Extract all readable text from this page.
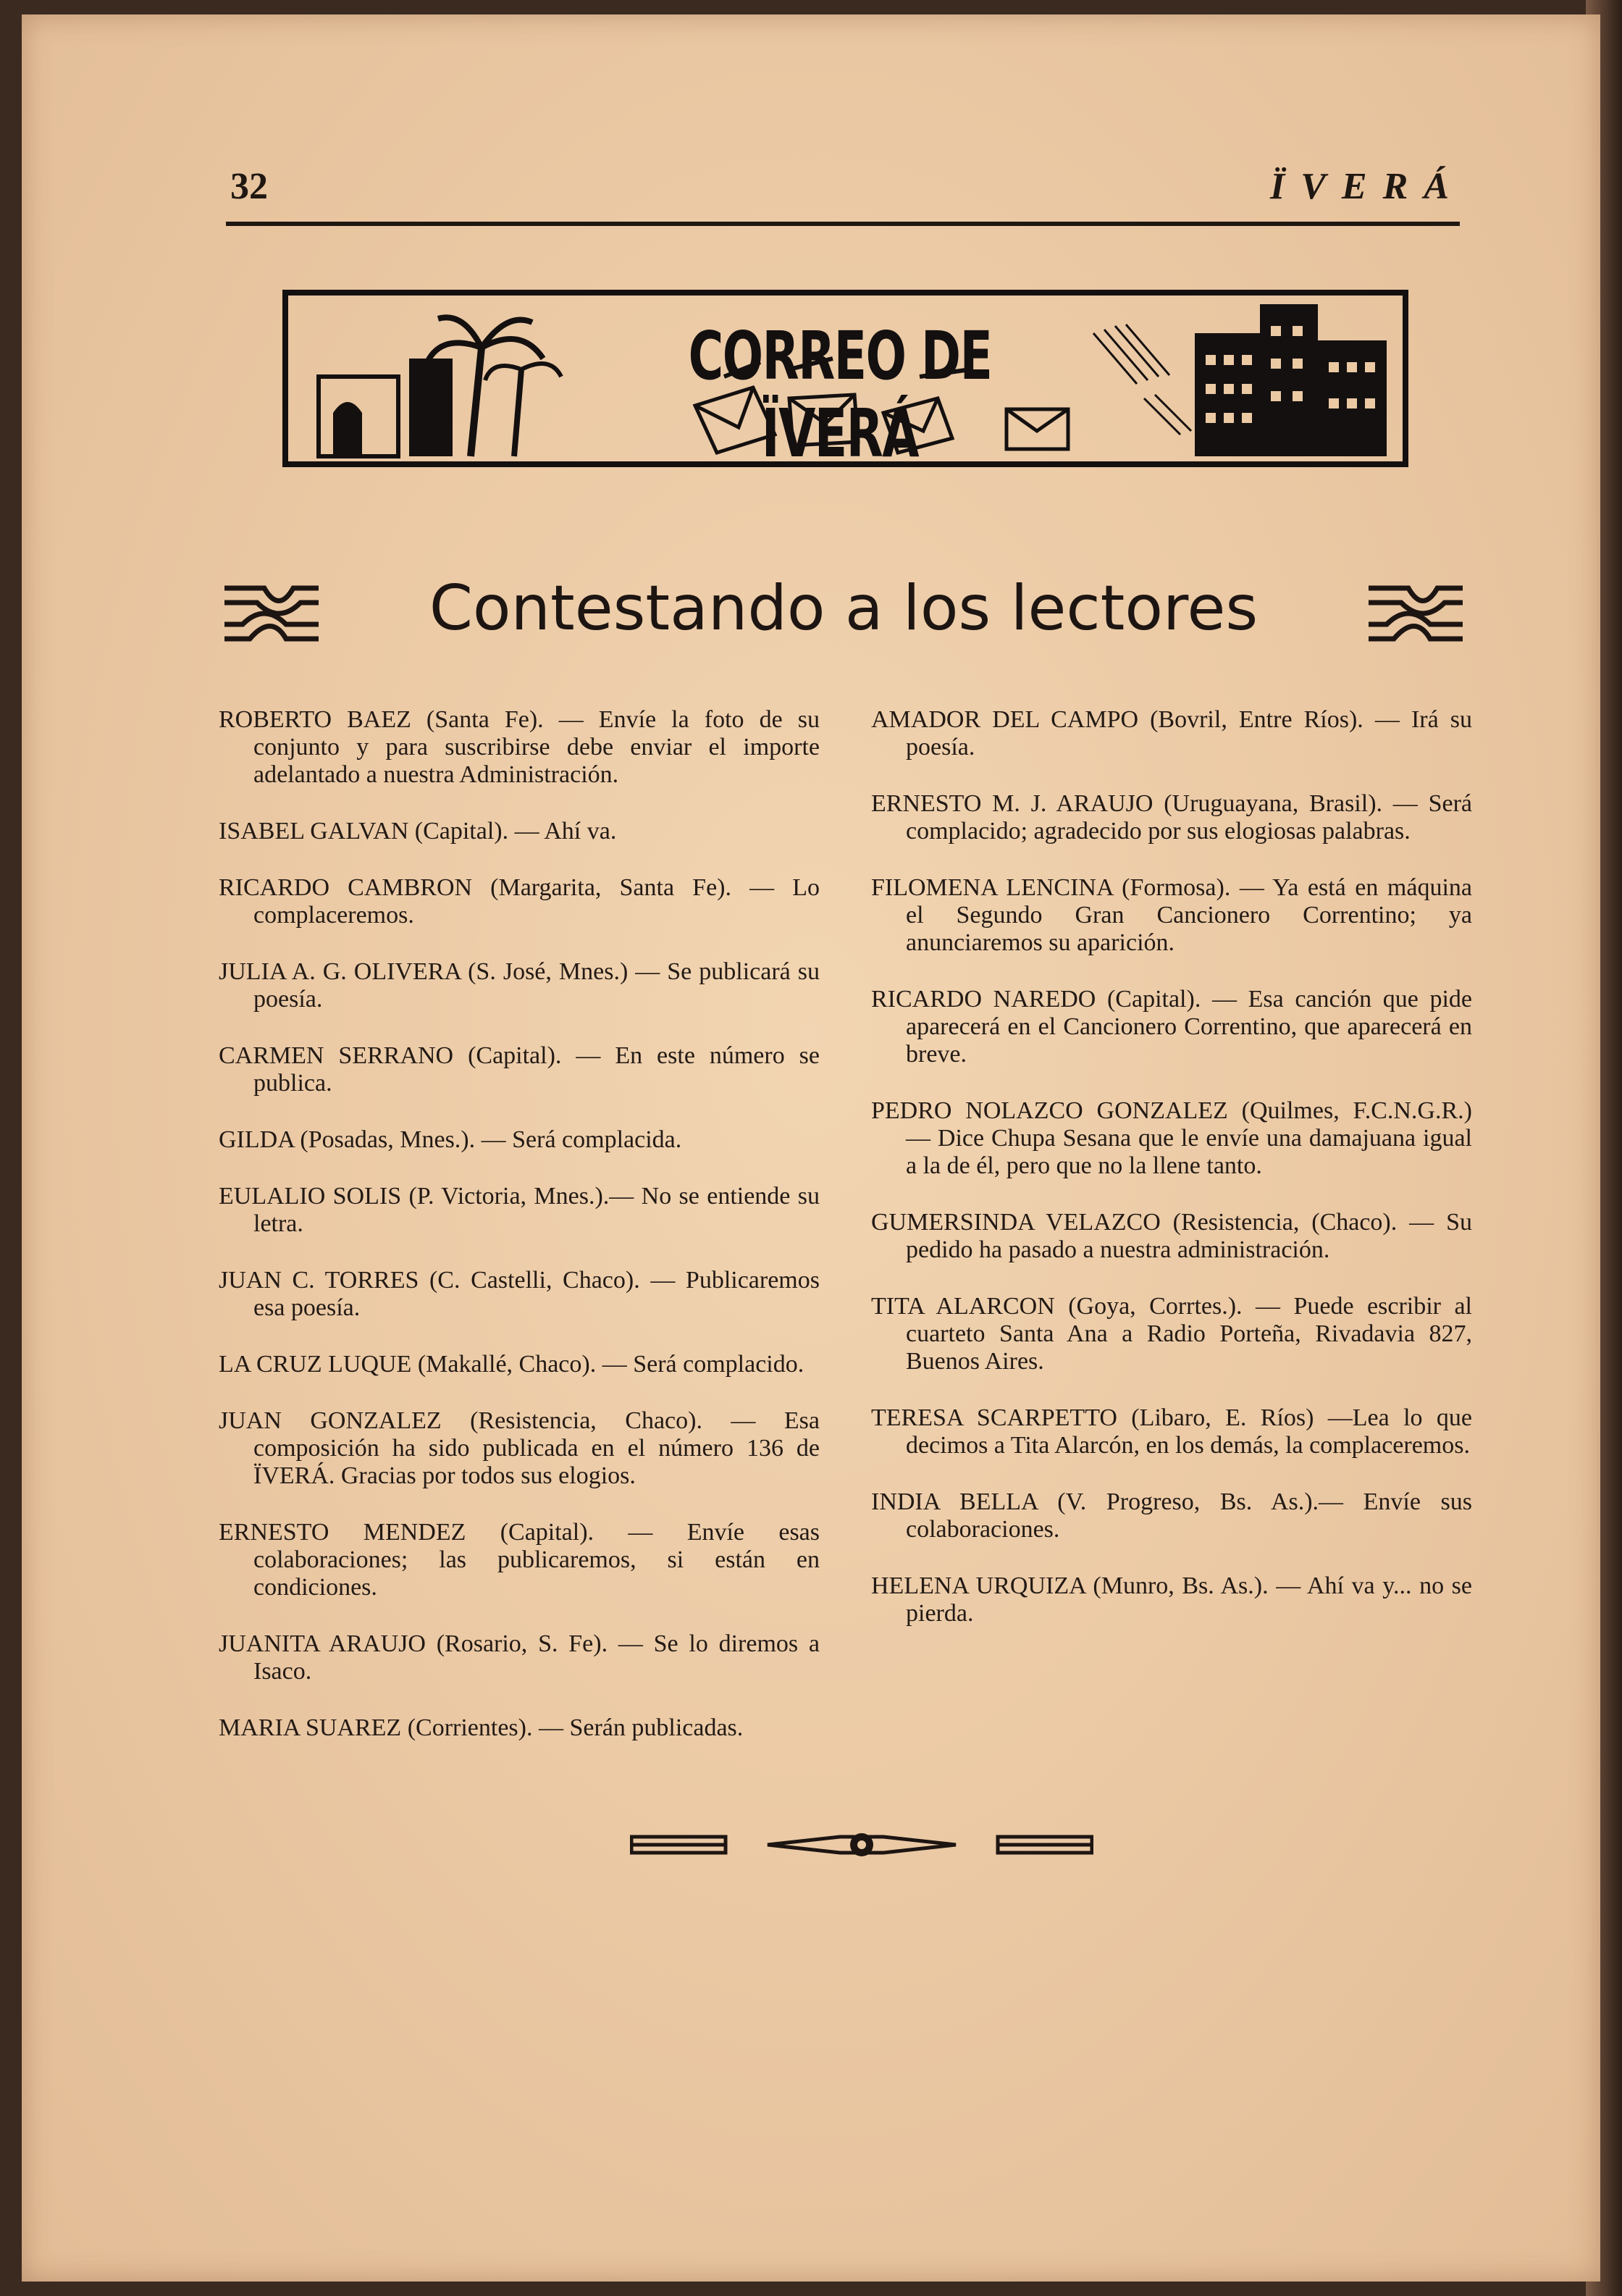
32	ÏVERÁ
CORREO DE ÏVERÁ
Contestando a los lectores

ROBERTO BAEZ (Santa Fe). — Envíe la foto de su conjunto y para suscribirse debe enviar el importe adelantado a nuestra Administración.

ISABEL GALVAN (Capital). — Ahí va.

RICARDO CAMBRON (Margarita, Santa Fe). — Lo complaceremos.

JULIA A. G. OLIVERA (S. José, Mnes.) — Se publicará su poesía.

CARMEN SERRANO (Capital). — En este número se publica.

GILDA (Posadas, Mnes.). — Será complacida.

EULALIO SOLIS (P. Victoria, Mnes.).— No se entiende su letra.

JUAN C. TORRES (C. Castelli, Chaco). — Publicaremos esa poesía.

LA CRUZ LUQUE (Makallé, Chaco). — Será complacido.

JUAN GONZALEZ (Resistencia, Chaco). — Esa composición ha sido publicada en el número 136 de ÏVERÁ. Gracias por todos sus elogios.

ERNESTO MENDEZ (Capital). — Envíe esas colaboraciones; las publicaremos, si están en condiciones.

JUANITA ARAUJO (Rosario, S. Fe). — Se lo diremos a Isaco.

MARIA SUAREZ (Corrientes). — Serán publicadas.

AMADOR DEL CAMPO (Bovril, Entre Ríos). — Irá su poesía.

ERNESTO M. J. ARAUJO (Uruguayana, Brasil). — Será complacido; agradecido por sus elogiosas palabras.

FILOMENA LENCINA (Formosa). — Ya está en máquina el Segundo Gran Cancionero Correntino; ya anunciaremos su aparición.

RICARDO NAREDO (Capital). — Esa canción que pide aparecerá en el Cancionero Correntino, que aparecerá en breve.

PEDRO NOLAZCO GONZALEZ (Quilmes, F.C.N.G.R.) — Dice Chupa Sesana que le envíe una damajuana igual a la de él, pero que no la llene tanto.

GUMERSINDA VELAZCO (Resistencia, (Chaco). — Su pedido ha pasado a nuestra administración.

TITA ALARCON (Goya, Corrtes.). — Puede escribir al cuarteto Santa Ana a Radio Porteña, Rivadavia 827, Buenos Aires.

TERESA SCARPETTO (Libaro, E. Ríos) —Lea lo que decimos a Tita Alarcón, en los demás, la complaceremos.

INDIA BELLA (V. Progreso, Bs. As.).— Envíe sus colaboraciones.

HELENA URQUIZA (Munro, Bs. As.). — Ahí va y... no se pierda.
